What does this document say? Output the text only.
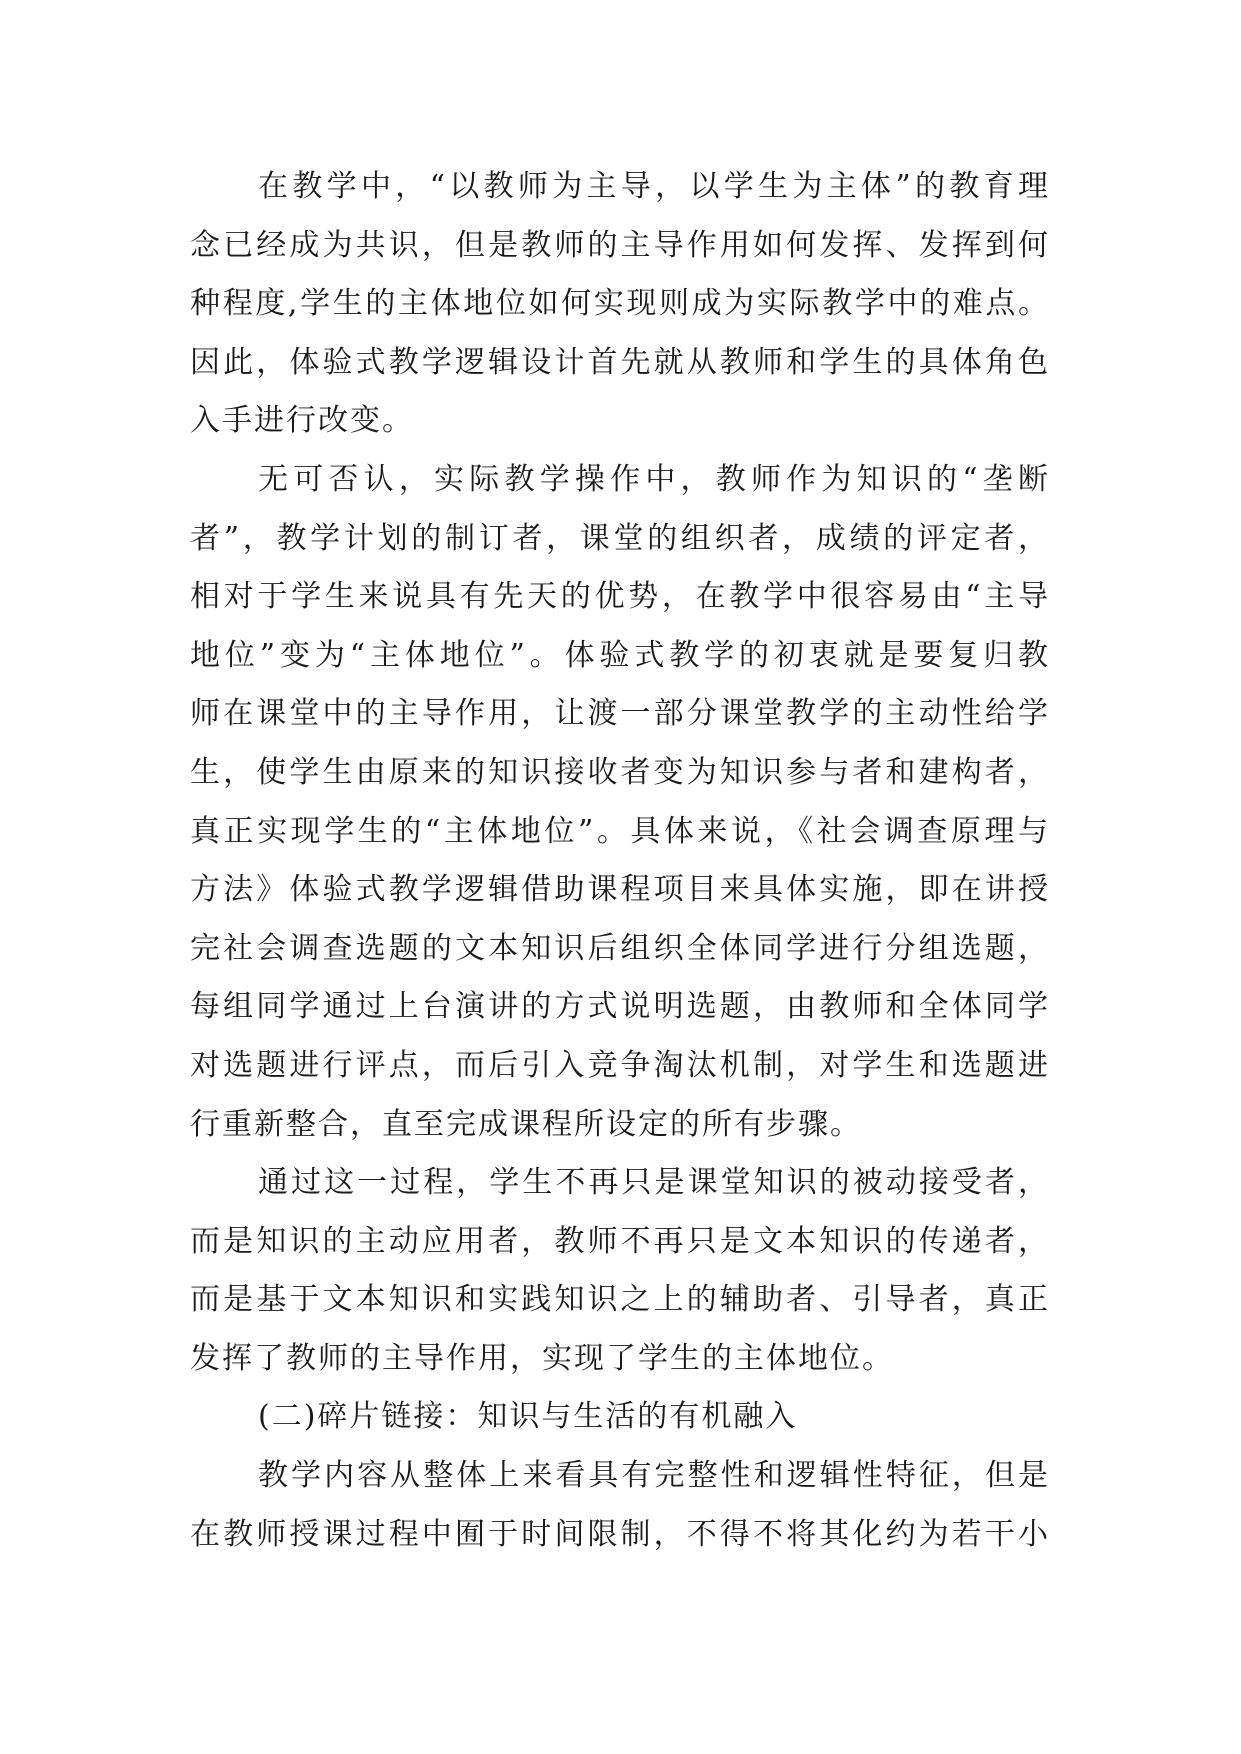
在教学中，“以教师为主导，以学生为主体”的教育理
念已经成为共识，但是教师的主导作用如何发挥、发挥到何
种程度,学生的主体地位如何实现则成为实际教学中的难点。
因此，体验式教学逻辑设计首先就从教师和学生的具体角色
入手进行改变。
无可否认，实际教学操作中，教师作为知识的“垄断
者”，教学计划的制订者，课堂的组织者，成绩的评定者，
相对于学生来说具有先天的优势，在教学中很容易由“主导
地位”变为“主体地位”。体验式教学的初衷就是要复归教
师在课堂中的主导作用，让渡一部分课堂教学的主动性给学
生，使学生由原来的知识接收者变为知识参与者和建构者，
真正实现学生的“主体地位”。具体来说，《社会调查原理与
方法》体验式教学逻辑借助课程项目来具体实施，即在讲授
完社会调查选题的文本知识后组织全体同学进行分组选题，
每组同学通过上台演讲的方式说明选题，由教师和全体同学
对选题进行评点，而后引入竞争淘汰机制，对学生和选题进
行重新整合，直至完成课程所设定的所有步骤。
通过这一过程，学生不再只是课堂知识的被动接受者，
而是知识的主动应用者，教师不再只是文本知识的传递者，
而是基于文本知识和实践知识之上的辅助者、引导者，真正
发挥了教师的主导作用，实现了学生的主体地位。
(二)碎片链接：知识与生活的有机融入
教学内容从整体上来看具有完整性和逻辑性特征，但是
在教师授课过程中囿于时间限制，不得不将其化约为若干小
